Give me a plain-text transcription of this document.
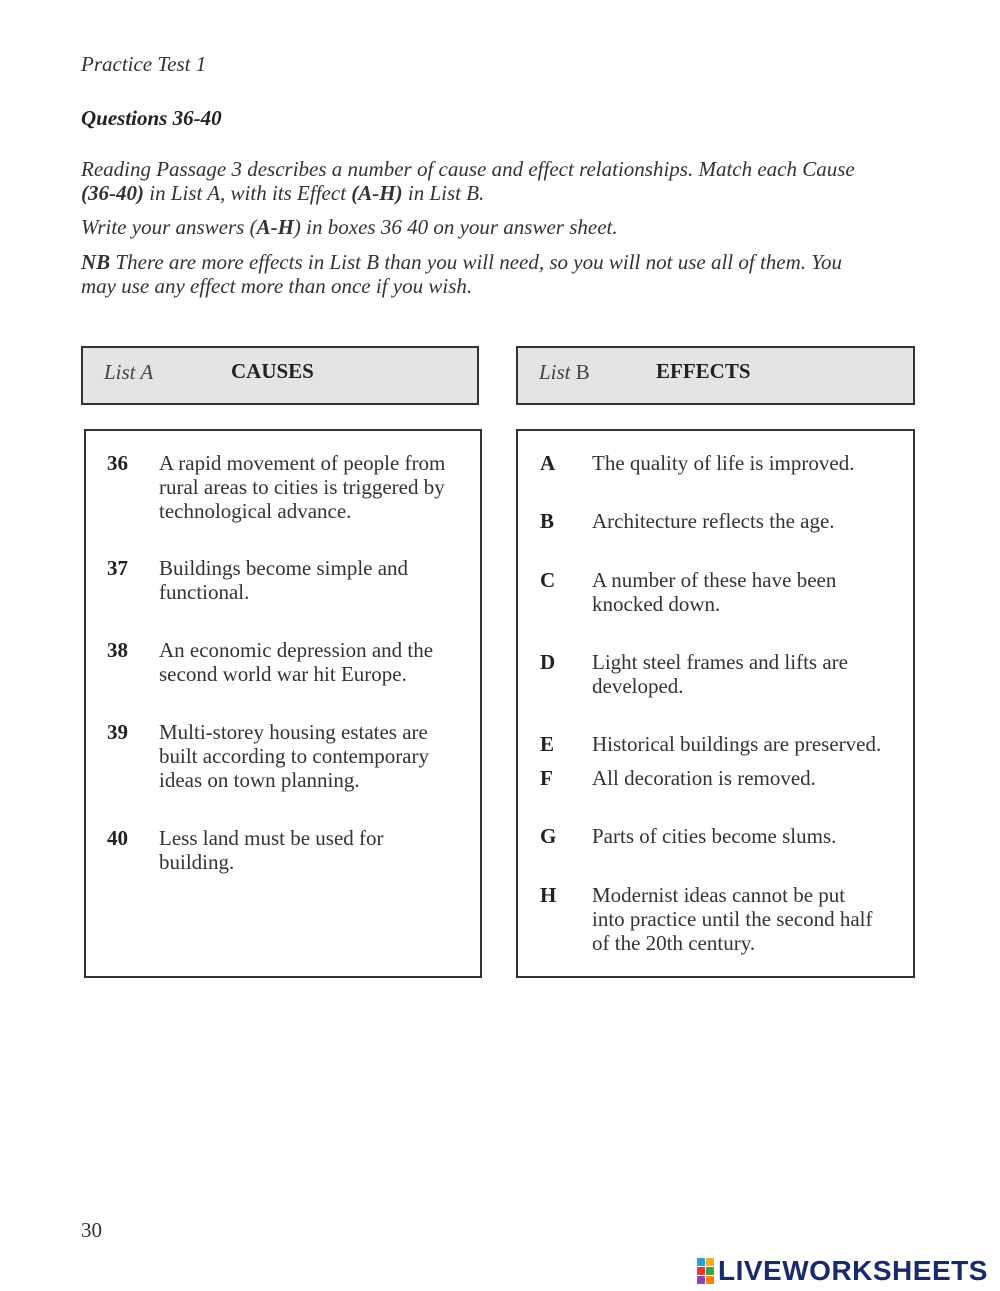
Practice Test 1
Questions 36-40
Reading Passage 3 describes a number of cause and effect relationships. Match each Cause
(36-40) in List A, with its Effect (A-H) in List B.
Write your answers (A-H) in boxes 36 40 on your answer sheet.
NB There are more effects in List B than you will need, so you will not use all of them. You
may use any effect more than once if you wish.
List A	CAUSES	List B	EFFECTS
36 A rapid movement of people from
rural areas to cities is triggered by
technological advance.
37 Buildings become simple and
functional.
38 An economic depression and the
second world war hit Europe.
39 Multi-storey housing estates are
built according to contemporary
ideas on town planning.
40 Less land must be used for
building.
A The quality of life is improved.
B Architecture reflects the age.
C A number of these have been
knocked down.
D Light steel frames and lifts are
developed.
E Historical buildings are preserved.
F All decoration is removed.
G Parts of cities become slums.
H Modernist ideas cannot be put
into practice until the second half
of the 20th century.
30
LIVEWORKSHEETS
